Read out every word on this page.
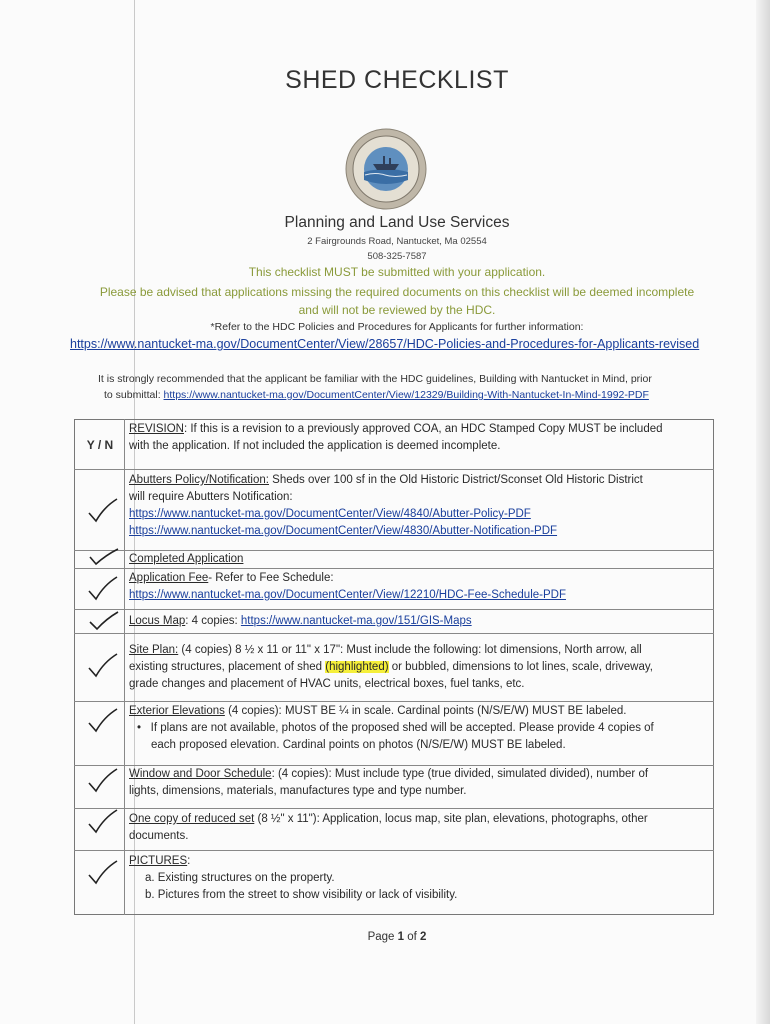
SHED CHECKLIST
Planning and Land Use Services
2 Fairgrounds Road, Nantucket, Ma 02554
508-325-7587
This checklist MUST be submitted with your application.
Please be advised that applications missing the required documents on this checklist will be deemed incomplete
and will not be reviewed by the HDC.
*Refer to the HDC Policies and Procedures for Applicants for further information:
https://www.nantucket-ma.gov/DocumentCenter/View/28657/HDC-Policies-and-Procedures-for-Applicants-revised
It is strongly recommended that the applicant be familiar with the HDC guidelines, Building with Nantucket in Mind, prior
to submittal: https://www.nantucket-ma.gov/DocumentCenter/View/12329/Building-With-Nantucket-In-Mind-1992-PDF
Y / N
REVISION: If this is a revision to a previously approved COA, an HDC Stamped Copy MUST be included
with the application. If not included the application is deemed incomplete.
Abutters Policy/Notification: Sheds over 100 sf in the Old Historic District/Sconset Old Historic District
will require Abutters Notification:
https://www.nantucket-ma.gov/DocumentCenter/View/4840/Abutter-Policy-PDF
https://www.nantucket-ma.gov/DocumentCenter/View/4830/Abutter-Notification-PDF
Completed Application
Application Fee- Refer to Fee Schedule:
https://www.nantucket-ma.gov/DocumentCenter/View/12210/HDC-Fee-Schedule-PDF
Locus Map: 4 copies: https://www.nantucket-ma.gov/151/GIS-Maps
Site Plan: (4 copies) 8 ½ x 11 or 11" x 17": Must include the following: lot dimensions, North arrow, all
existing structures, placement of shed (highlighted) or bubbled, dimensions to lot lines, scale, driveway,
grade changes and placement of HVAC units, electrical boxes, fuel tanks, etc.
Exterior Elevations (4 copies): MUST BE ¼ in scale. Cardinal points (N/S/E/W) MUST BE labeled.
•   If plans are not available, photos of the proposed shed will be accepted. Please provide 4 copies of
each proposed elevation. Cardinal points on photos (N/S/E/W) MUST BE labeled.
Window and Door Schedule: (4 copies): Must include type (true divided, simulated divided), number of
lights, dimensions, materials, manufactures type and type number.
One copy of reduced set (8 ½" x 11"): Application, locus map, site plan, elevations, photographs, other
documents.
PICTURES:
a. Existing structures on the property.
b. Pictures from the street to show visibility or lack of visibility.
Page 1 of 2
